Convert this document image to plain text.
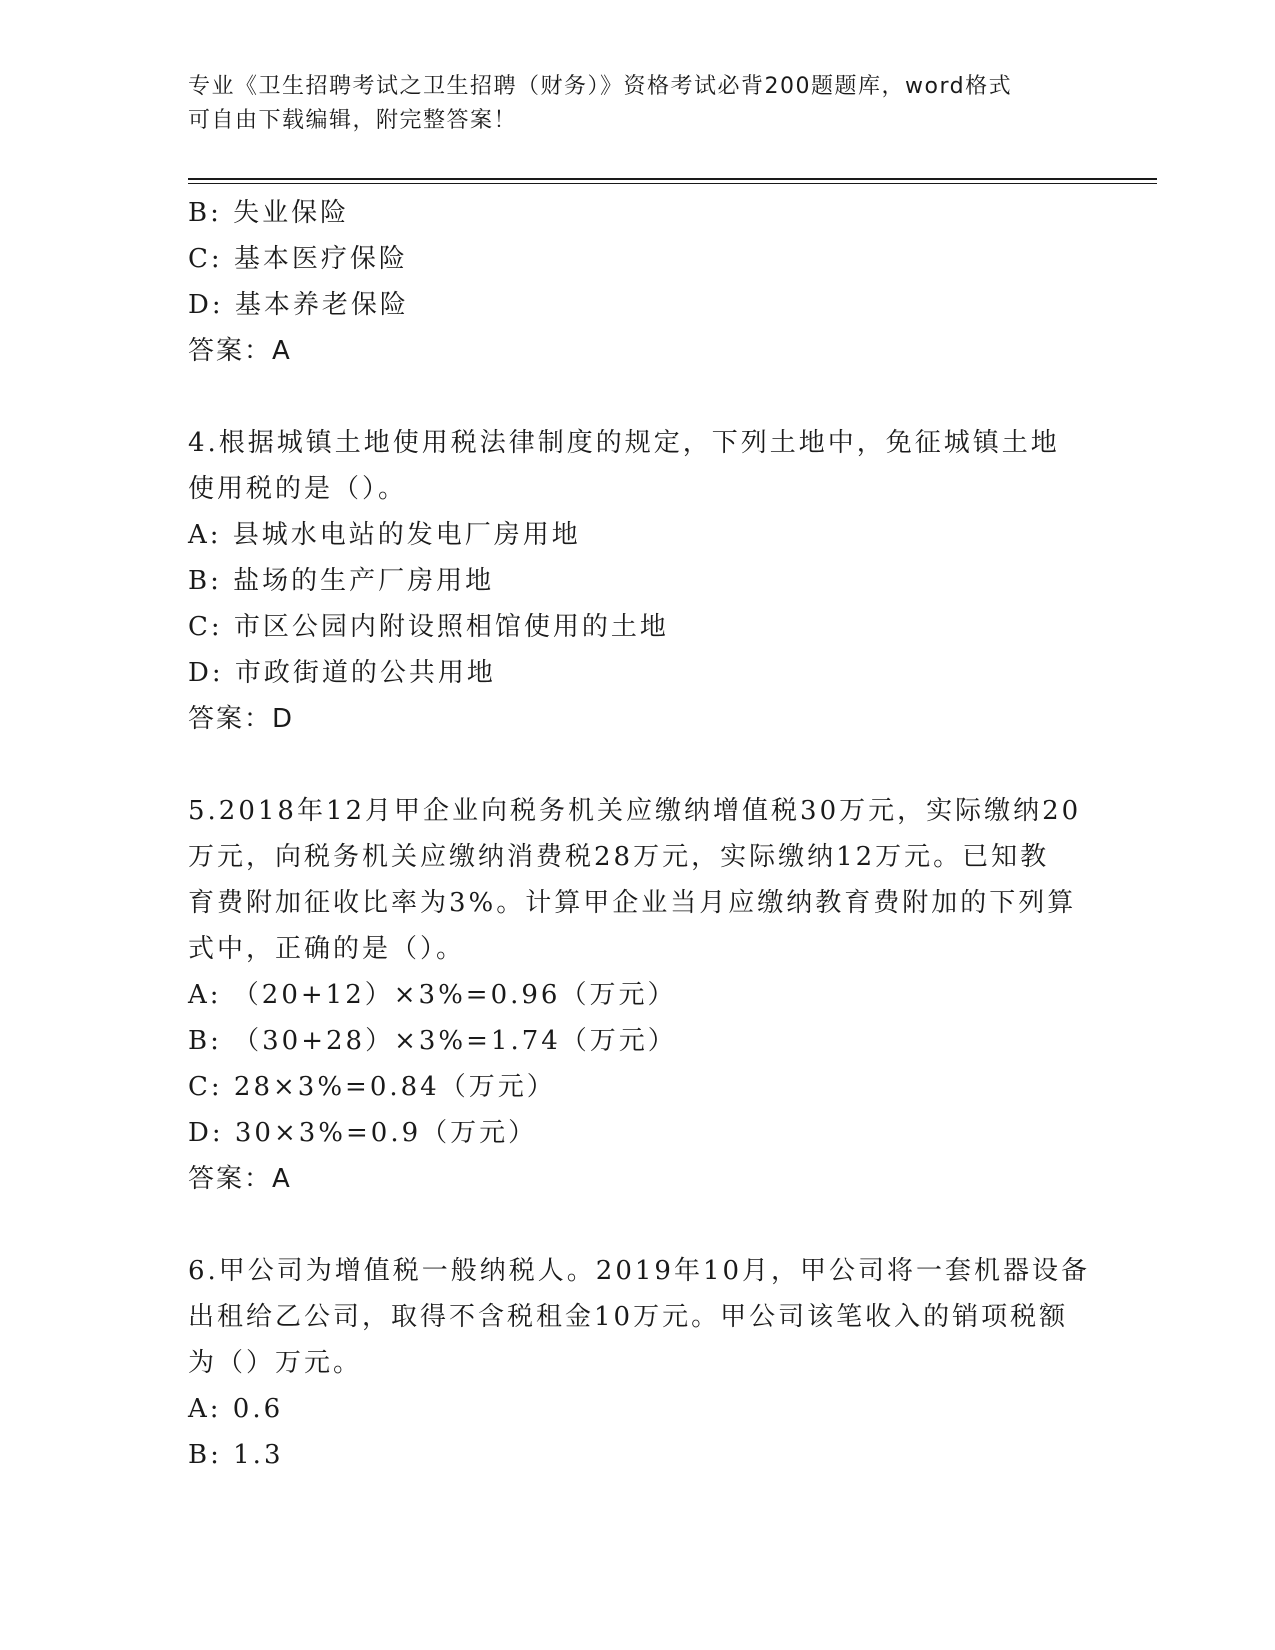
专业《卫生招聘考试之卫生招聘（财务）》资格考试必背200题题库，word格式
可自由下载编辑，附完整答案！
B: 失业保险
C: 基本医疗保险
D: 基本养老保险
答案：A
4.根据城镇土地使用税法律制度的规定，下列土地中，免征城镇土地
使用税的是（）。
A: 县城水电站的发电厂房用地
B: 盐场的生产厂房用地
C: 市区公园内附设照相馆使用的土地
D: 市政街道的公共用地
答案：D
5.2018年12月甲企业向税务机关应缴纳增值税30万元，实际缴纳20
万元，向税务机关应缴纳消费税28万元，实际缴纳12万元。已知教
育费附加征收比率为3%。计算甲企业当月应缴纳教育费附加的下列算
式中，正确的是（）。
A: （20+12）×3%=0.96（万元）
B: （30+28）×3%=1.74（万元）
C: 28×3%=0.84（万元）
D: 30×3%=0.9（万元）
答案：A
6.甲公司为增值税一般纳税人。2019年10月，甲公司将一套机器设备
出租给乙公司，取得不含税租金10万元。甲公司该笔收入的销项税额
为（）万元。
A: 0.6
B: 1.3
